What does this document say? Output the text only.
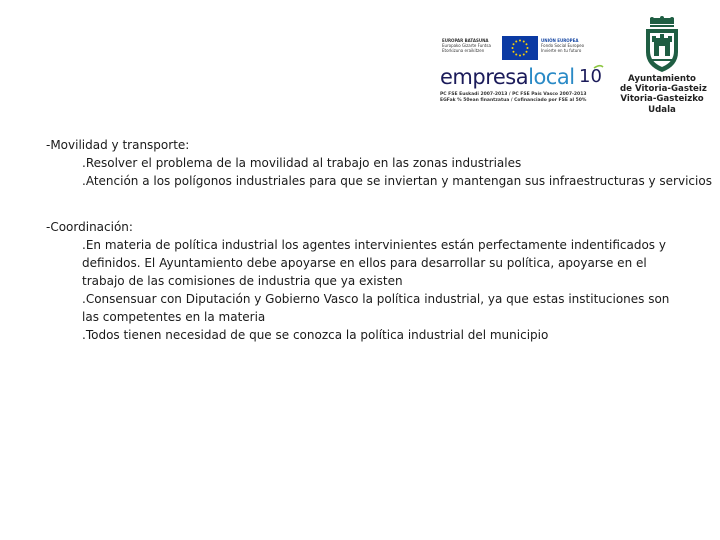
EUROPAR BATASUNA
Europako Gizarte Funtsa
Etorkizuna eraikitzen
UNIÓN EUROPEA
Fondo Social Europeo
Invierte en tu futuro
empresalocal 10
PC FSE Euskadi 2007-2013 / PC FSE País Vasco 2007-2013
EGFak % 50ean finantzatua / Cofinanciado por FSE al 50%
Ayuntamiento
de Vitoria-Gasteiz
Vitoria-Gasteizko
Udala

-Movilidad y transporte:

.Resolver el problema de la movilidad al trabajo en las zonas industriales

.Atención a los polígonos industriales para que se inviertan y mantengan sus infraestructuras y servicios

-Coordinación:

.En materia de política industrial los agentes intervinientes están perfectamente indentificados y definidos. El Ayuntamiento debe apoyarse en ellos para desarrollar su política, apoyarse en el trabajo de las comisiones de industria que ya existen

.Consensuar con Diputación y Gobierno Vasco la política industrial, ya que estas instituciones son las competentes en la materia

.Todos tienen necesidad de que se conozca la política industrial del municipio
